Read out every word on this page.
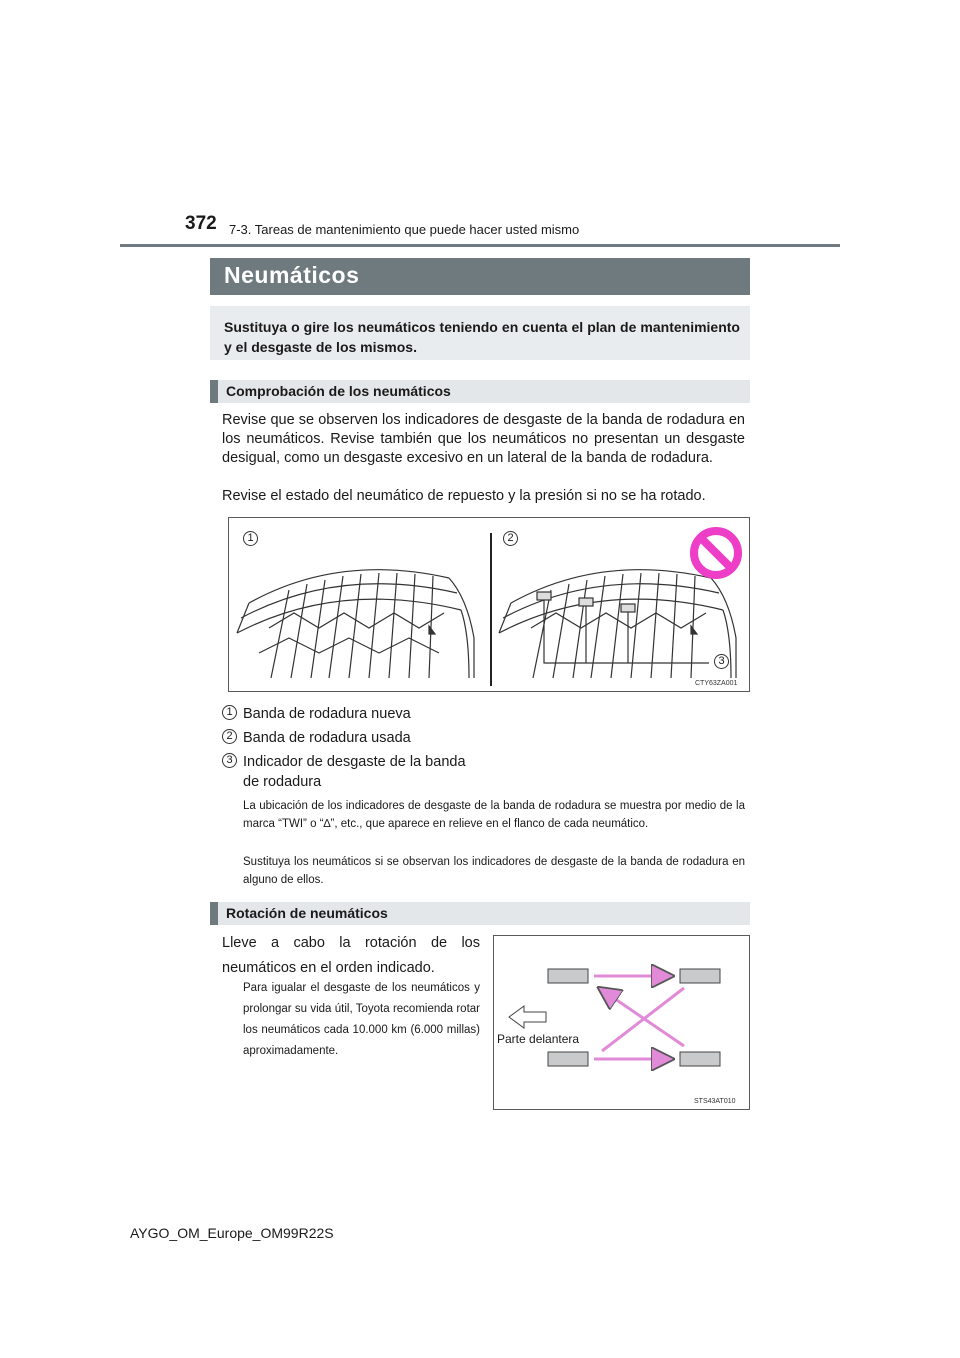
372 7-3. Tareas de mantenimiento que puede hacer usted mismo
Neumáticos
Sustituya o gire los neumáticos teniendo en cuenta el plan de mantenimiento y el desgaste de los mismos.
Comprobación de los neumáticos
Revise que se observen los indicadores de desgaste de la banda de rodadura en los neumáticos. Revise también que los neumáticos no presentan un desgaste desigual, como un desgaste excesivo en un lateral de la banda de rodadura.
Revise el estado del neumático de repuesto y la presión si no se ha rotado.
1	2
3
CTY63ZA001
1 Banda de rodadura nueva
2 Banda de rodadura usada
3 Indicador de desgaste de la banda
de rodadura
La ubicación de los indicadores de desgaste de la banda de rodadura se muestra por medio de la marca “TWI” o “∆”, etc., que aparece en relieve en el flanco de cada neumático.
Sustituya los neumáticos si se observan los indicadores de desgaste de la banda de rodadura en alguno de ellos.
Rotación de neumáticos
Lleve a cabo la rotación de los neumáticos en el orden indicado.
Para igualar el desgaste de los neumáticos y prolongar su vida útil, Toyota recomienda rotar los neumáticos cada 10.000 km (6.000 millas) aproximadamente.
Parte delantera
STS43AT010
AYGO_OM_Europe_OM99R22S
